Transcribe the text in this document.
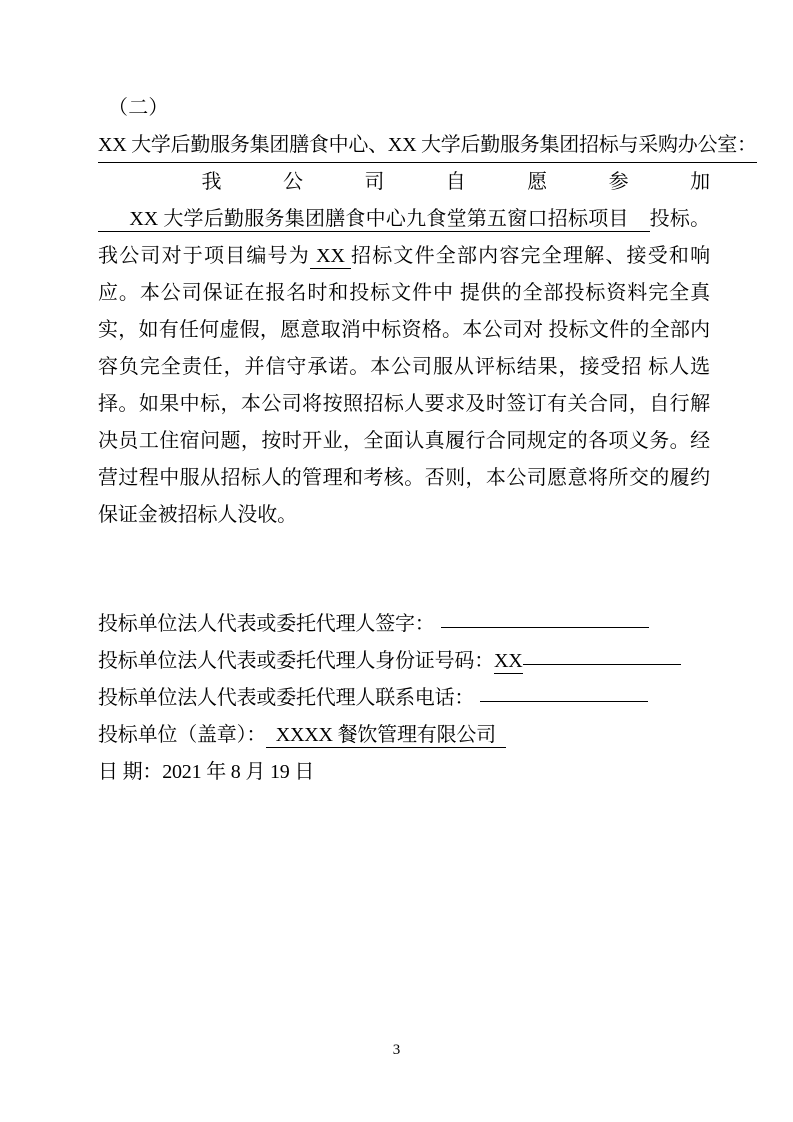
（二）
XX 大学后勤服务集团膳食中心、XX 大学后勤服务集团招标与采购办公室：

我公司自愿参加      XX 大学后勤服务集团膳食中心九食堂第五窗口招标项目    投标。我公司对于项目编号为 XX 招标文件全部内容完全理解、接受和响应。本公司保证在报名时和投标文件中 提供的全部投标资料完全真实，如有任何虚假，愿意取消中标资格。本公司对 投标文件的全部内容负完全责任，并信守承诺。本公司服从评标结果，接受招 标人选择。如果中标，本公司将按照招标人要求及时签订有关合同，自行解决员工住宿问题，按时开业，全面认真履行合同规定的各项义务。经营过程中服从招标人的管理和考核。否则，本公司愿意将所交的履约保证金被招标人没收。

投标单位法人代表或委托代理人签字：
投标单位法人代表或委托代理人身份证号码：XX
投标单位法人代表或委托代理人联系电话：
投标单位（盖章）：  XXXX 餐饮管理有限公司
日 期：2021 年 8 月 19 日
3
